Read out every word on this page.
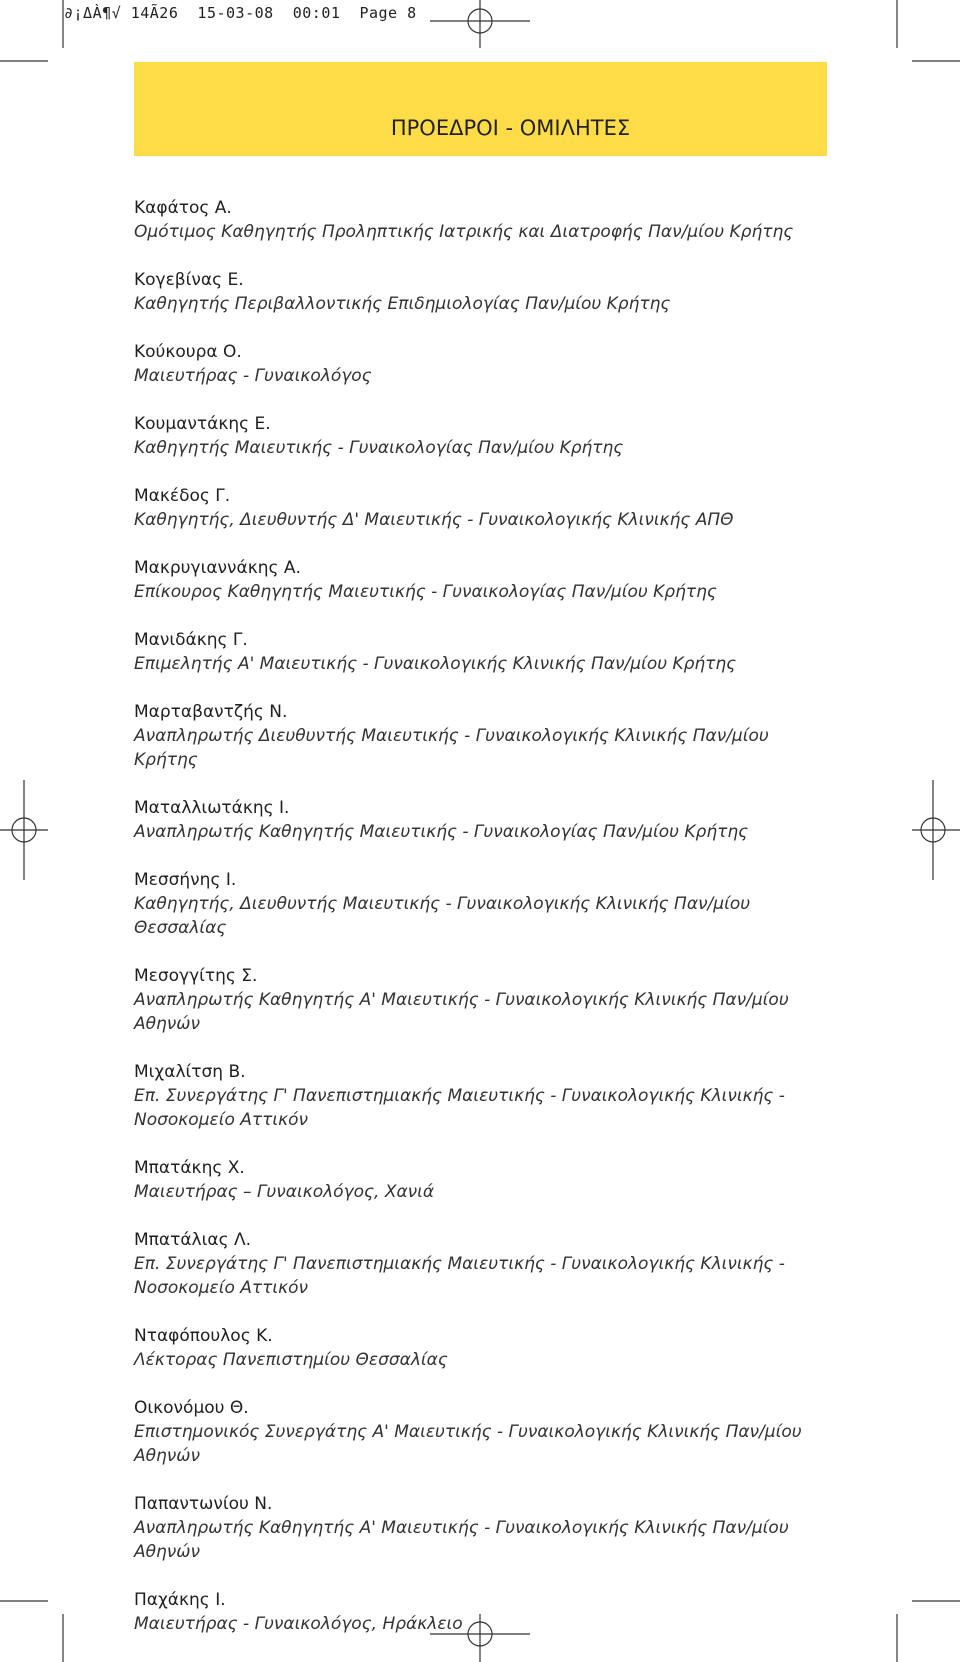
∂¡ΔÀ¶√ 14Ã26  15-03-08  00:01  Page 8
ΠΡΟΕΔΡΟΙ - ΟΜΙΛΗΤΕΣ
Καφάτος Α.
Ομότιμος Καθηγητής Προληπτικής Ιατρικής και Διατροφής Παν/μίου Κρήτης
Κογεβίνας Ε.
Καθηγητής Περιβαλλοντικής Επιδημιολογίας Παν/μίου Κρήτης
Κούκουρα Ο.
Μαιευτήρας - Γυναικολόγος
Κουμαντάκης Ε.
Καθηγητής Μαιευτικής - Γυναικολογίας Παν/μίου Κρήτης
Μακέδος Γ.
Καθηγητής, Διευθυντής Δ' Μαιευτικής - Γυναικολογικής Κλινικής ΑΠΘ
Μακρυγιαννάκης Α.
Επίκουρος Καθηγητής Μαιευτικής - Γυναικολογίας Παν/μίου Κρήτης
Μανιδάκης Γ.
Επιμελητής Α' Μαιευτικής - Γυναικολογικής Κλινικής Παν/μίου Κρήτης
Μαρταβαντζής Ν.
Αναπληρωτής Διευθυντής Μαιευτικής - Γυναικολογικής Κλινικής Παν/μίου Κρήτης
Ματαλλιωτάκης Ι.
Αναπληρωτής Καθηγητής Μαιευτικής - Γυναικολογίας Παν/μίου Κρήτης
Μεσσήνης Ι.
Καθηγητής, Διευθυντής Μαιευτικής - Γυναικολογικής Κλινικής Παν/μίου Θεσσαλίας
Μεσογγίτης Σ.
Αναπληρωτής Καθηγητής Α' Μαιευτικής - Γυναικολογικής Κλινικής Παν/μίου Αθηνών
Μιχαλίτση Β.
Επ. Συνεργάτης Γ' Πανεπιστημιακής Μαιευτικής - Γυναικολογικής Κλινικής -
Νοσοκομείο Αττικόν
Μπατάκης Χ.
Μαιευτήρας – Γυναικολόγος, Χανιά
Μπατάλιας Λ.
Επ. Συνεργάτης Γ' Πανεπιστημιακής Μαιευτικής - Γυναικολογικής Κλινικής -
Νοσοκομείο Αττικόν
Νταφόπουλος Κ.
Λέκτορας Πανεπιστημίου Θεσσαλίας
Οικονόμου Θ.
Επιστημονικός Συνεργάτης Α' Μαιευτικής - Γυναικολογικής Κλινικής Παν/μίου Αθηνών
Παπαντωνίου Ν.
Αναπληρωτής Καθηγητής Α' Μαιευτικής - Γυναικολογικής Κλινικής Παν/μίου Αθηνών
Παχάκης Ι.
Μαιευτήρας - Γυναικολόγος, Ηράκλειο
